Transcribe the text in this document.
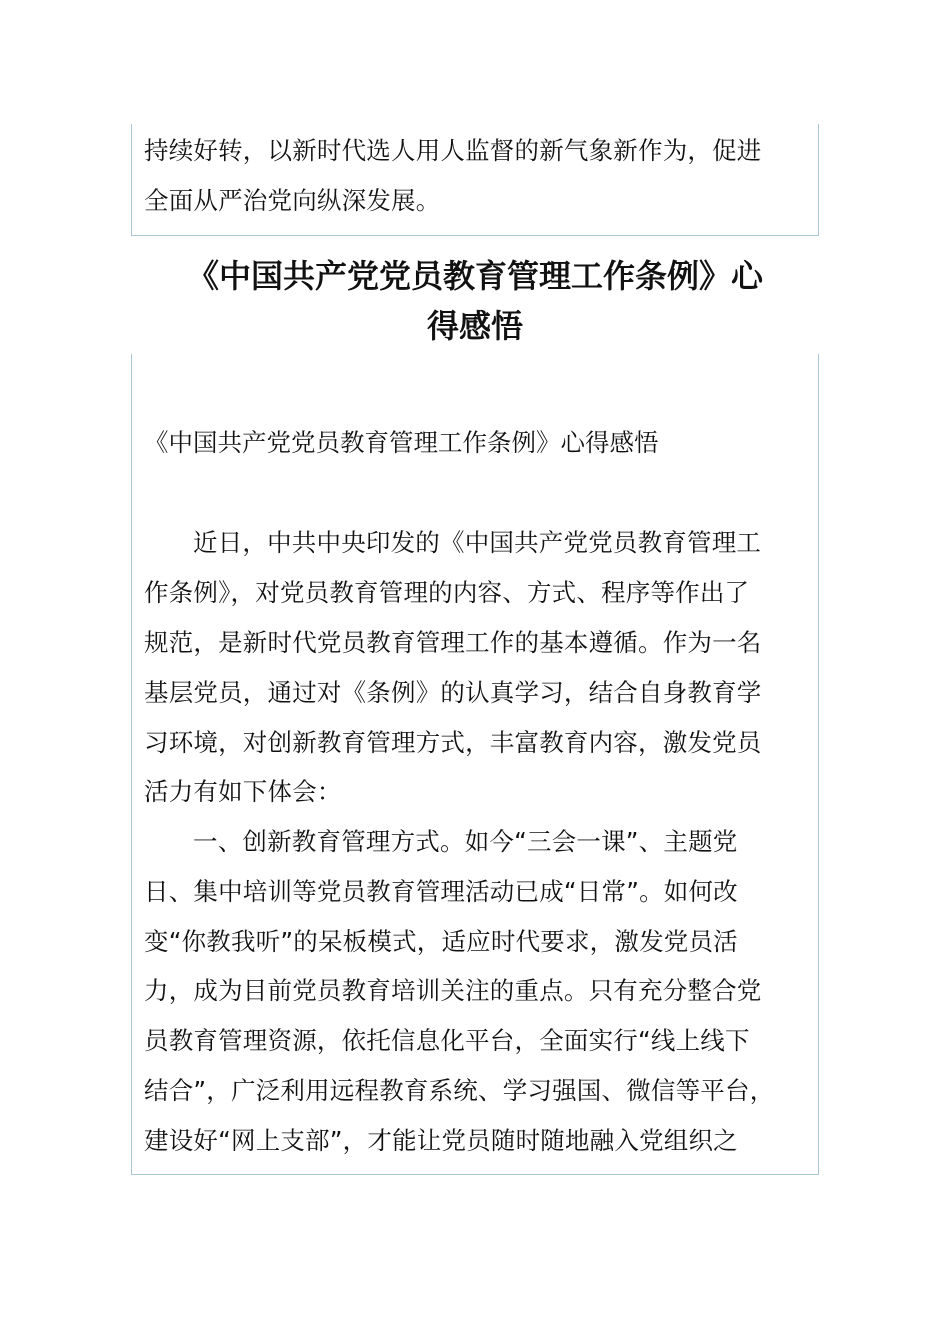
持续好转，以新时代选人用人监督的新气象新作为，促进
全面从严治党向纵深发展。
《中国共产党党员教育管理工作条例》心
得感悟
《中国共产党党员教育管理工作条例》心得感悟
近日，中共中央印发的《中国共产党党员教育管理工
作条例》，对党员教育管理的内容、方式、程序等作出了
规范，是新时代党员教育管理工作的基本遵循。作为一名
基层党员，通过对《条例》的认真学习，结合自身教育学
习环境，对创新教育管理方式，丰富教育内容，激发党员
活力有如下体会：
一、创新教育管理方式。如今“三会一课”、主题党
日、集中培训等党员教育管理活动已成“日常”。如何改
变“你教我听”的呆板模式，适应时代要求，激发党员活
力，成为目前党员教育培训关注的重点。只有充分整合党
员教育管理资源，依托信息化平台，全面实行“线上线下
结合”，广泛利用远程教育系统、学习强国、微信等平台，
建设好“网上支部”，才能让党员随时随地融入党组织之
